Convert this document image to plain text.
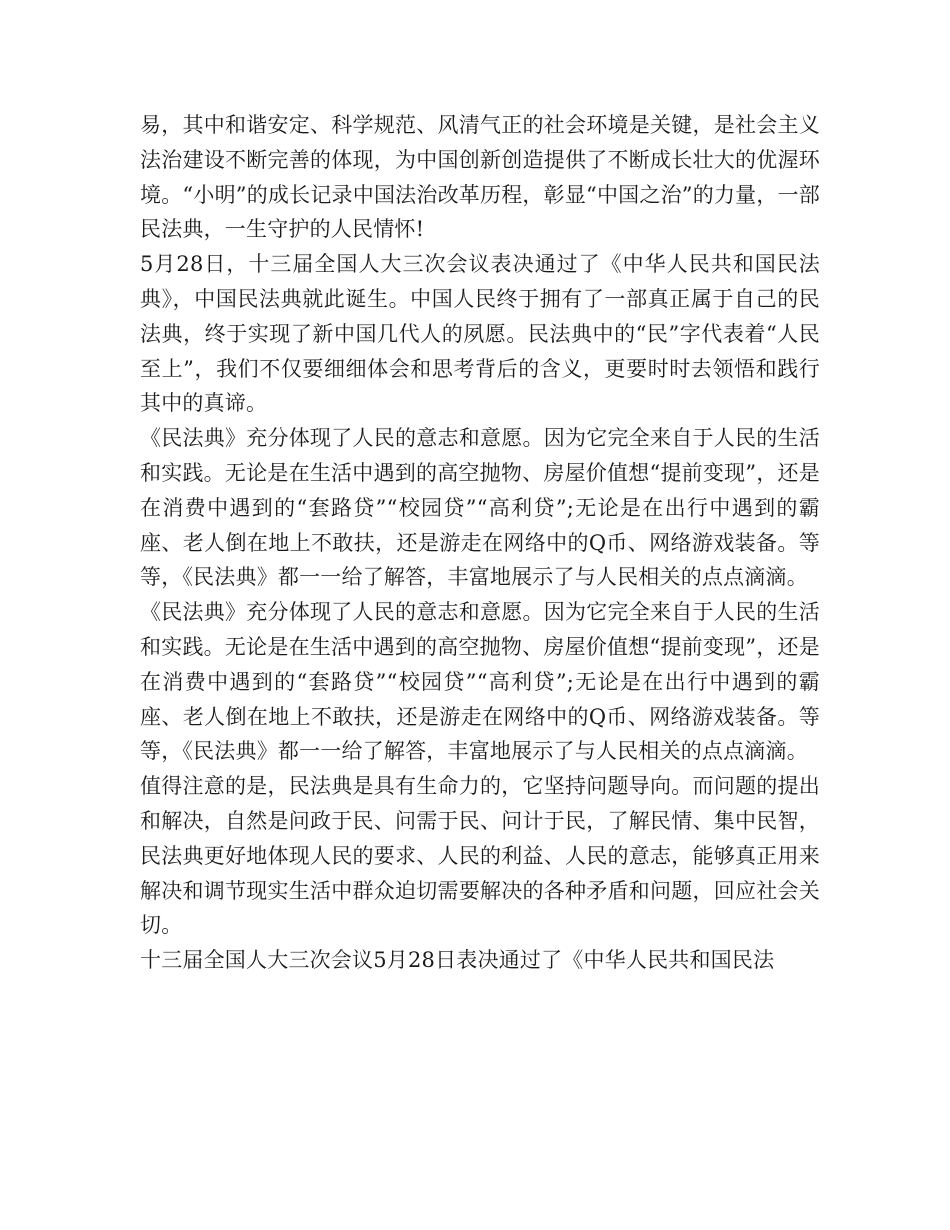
易，其中和谐安定、科学规范、风清气正的社会环境是关键，是社会主义法治建设不断完善的体现，为中国创新创造提供了不断成长壮大的优渥环境。“小明”的成长记录中国法治改革历程，彰显“中国之治”的力量，一部民法典，一生守护的人民情怀!

5月28日，十三届全国人大三次会议表决通过了《中华人民共和国民法典》，中国民法典就此诞生。中国人民终于拥有了一部真正属于自己的民法典，终于实现了新中国几代人的夙愿。民法典中的“民”字代表着“人民至上”，我们不仅要细细体会和思考背后的含义，更要时时去领悟和践行其中的真谛。

《民法典》充分体现了人民的意志和意愿。因为它完全来自于人民的生活和实践。无论是在生活中遇到的高空抛物、房屋价值想“提前变现”，还是在消费中遇到的“套路贷”“校园贷”“高利贷”;无论是在出行中遇到的霸座、老人倒在地上不敢扶，还是游走在网络中的Q币、网络游戏装备。等等，《民法典》都一一给了解答，丰富地展示了与人民相关的点点滴滴。

《民法典》充分体现了人民的意志和意愿。因为它完全来自于人民的生活和实践。无论是在生活中遇到的高空抛物、房屋价值想“提前变现”，还是在消费中遇到的“套路贷”“校园贷”“高利贷”;无论是在出行中遇到的霸座、老人倒在地上不敢扶，还是游走在网络中的Q币、网络游戏装备。等等，《民法典》都一一给了解答，丰富地展示了与人民相关的点点滴滴。

值得注意的是，民法典是具有生命力的，它坚持问题导向。而问题的提出和解决，自然是问政于民、问需于民、问计于民，了解民情、集中民智，民法典更好地体现人民的要求、人民的利益、人民的意志，能够真正用来解决和调节现实生活中群众迫切需要解决的各种矛盾和问题，回应社会关切。

十三届全国人大三次会议5月28日表决通过了《中华人民共和国民法
